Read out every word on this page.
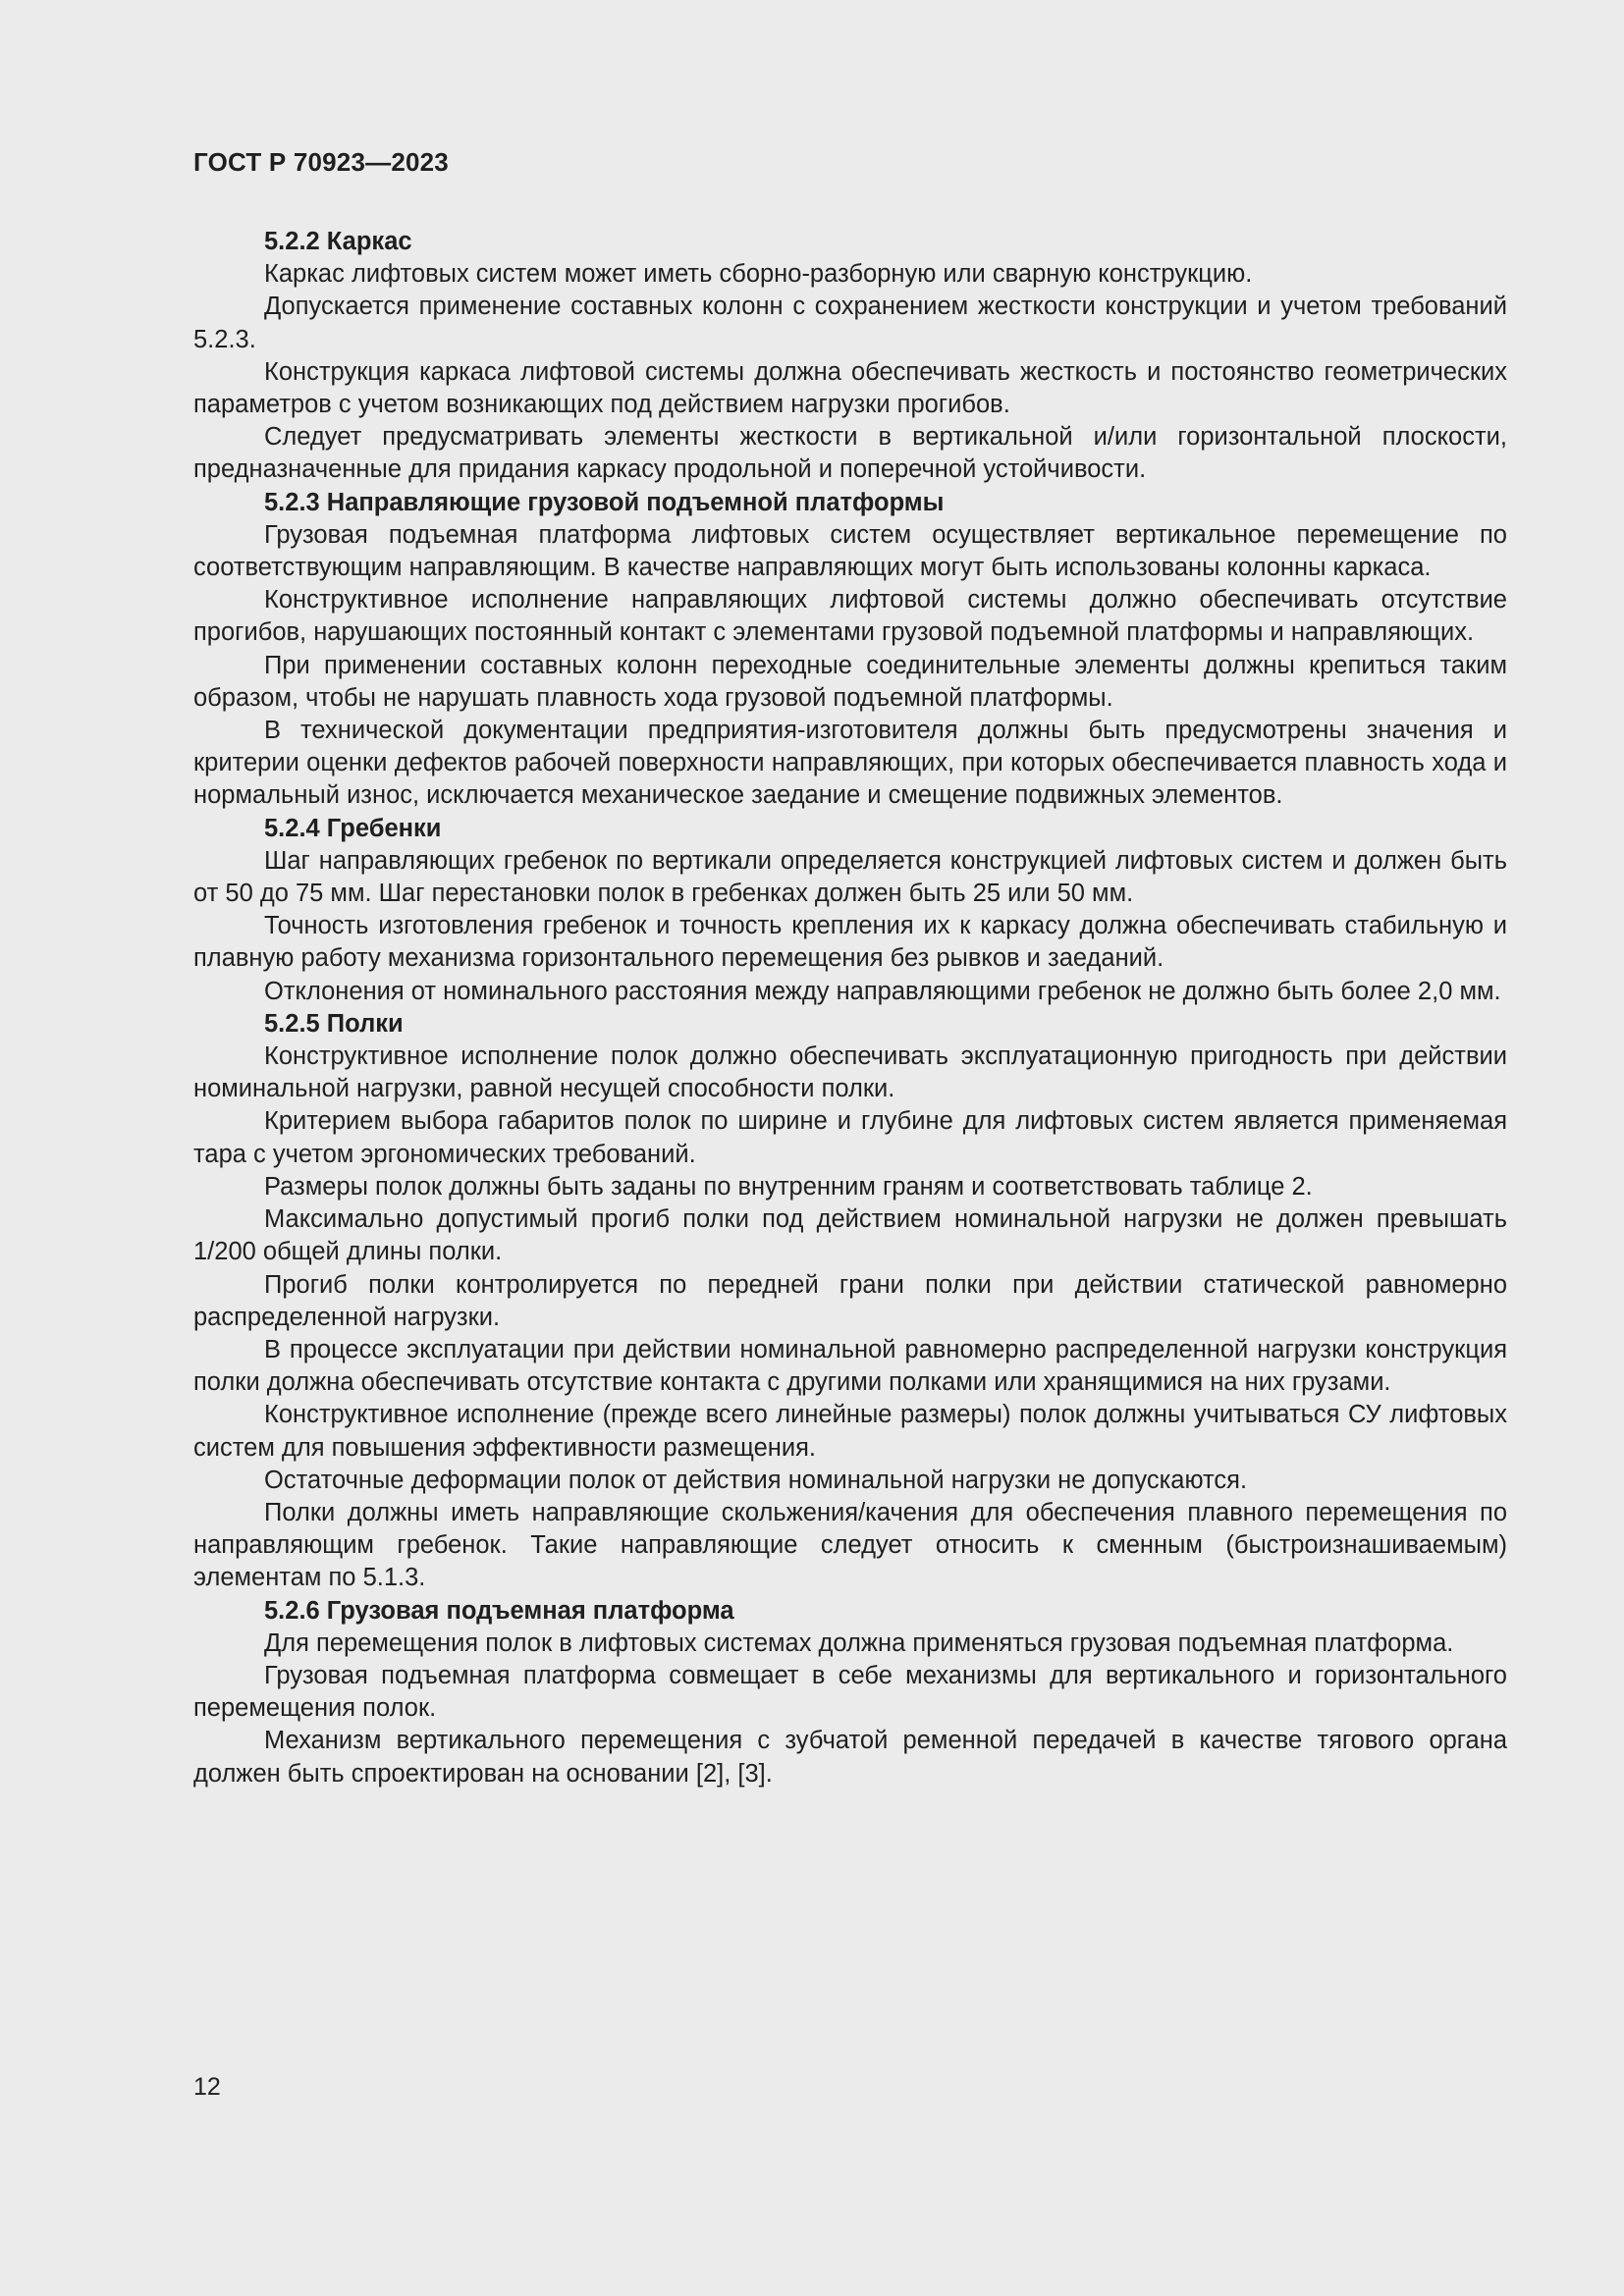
ГОСТ Р 70923—2023
5.2.2 Каркас

Каркас лифтовых систем может иметь сборно-разборную или сварную конструкцию.

Допускается применение составных колонн с сохранением жесткости конструкции и учетом требований 5.2.3.

Конструкция каркаса лифтовой системы должна обеспечивать жесткость и постоянство геометрических параметров с учетом возникающих под действием нагрузки прогибов.

Следует предусматривать элементы жесткости в вертикальной и/или горизонтальной плоскости, предназначенные для придания каркасу продольной и поперечной устойчивости.

5.2.3 Направляющие грузовой подъемной платформы

Грузовая подъемная платформа лифтовых систем осуществляет вертикальное перемещение по соответствующим направляющим. В качестве направляющих могут быть использованы колонны каркаса.

Конструктивное исполнение направляющих лифтовой системы должно обеспечивать отсутствие прогибов, нарушающих постоянный контакт с элементами грузовой подъемной платформы и направляющих.

При применении составных колонн переходные соединительные элементы должны крепиться таким образом, чтобы не нарушать плавность хода грузовой подъемной платформы.

В технической документации предприятия-изготовителя должны быть предусмотрены значения и критерии оценки дефектов рабочей поверхности направляющих, при которых обеспечивается плавность хода и нормальный износ, исключается механическое заедание и смещение подвижных элементов.

5.2.4 Гребенки

Шаг направляющих гребенок по вертикали определяется конструкцией лифтовых систем и должен быть от 50 до 75 мм. Шаг перестановки полок в гребенках должен быть 25 или 50 мм.

Точность изготовления гребенок и точность крепления их к каркасу должна обеспечивать стабильную и плавную работу механизма горизонтального перемещения без рывков и заеданий.

Отклонения от номинального расстояния между направляющими гребенок не должно быть более 2,0 мм.

5.2.5 Полки

Конструктивное исполнение полок должно обеспечивать эксплуатационную пригодность при действии номинальной нагрузки, равной несущей способности полки.

Критерием выбора габаритов полок по ширине и глубине для лифтовых систем является применяемая тара с учетом эргономических требований.

Размеры полок должны быть заданы по внутренним граням и соответствовать таблице 2.

Максимально допустимый прогиб полки под действием номинальной нагрузки не должен превышать 1/200 общей длины полки.

Прогиб полки контролируется по передней грани полки при действии статической равномерно распределенной нагрузки.

В процессе эксплуатации при действии номинальной равномерно распределенной нагрузки конструкция полки должна обеспечивать отсутствие контакта с другими полками или хранящимися на них грузами.

Конструктивное исполнение (прежде всего линейные размеры) полок должны учитываться СУ лифтовых систем для повышения эффективности размещения.

Остаточные деформации полок от действия номинальной нагрузки не допускаются.

Полки должны иметь направляющие скольжения/качения для обеспечения плавного перемещения по направляющим гребенок. Такие направляющие следует относить к сменным (быстроизнашиваемым) элементам по 5.1.3.

5.2.6 Грузовая подъемная платформа

Для перемещения полок в лифтовых системах должна применяться грузовая подъемная платформа.

Грузовая подъемная платформа совмещает в себе механизмы для вертикального и горизонтального перемещения полок.

Механизм вертикального перемещения с зубчатой ременной передачей в качестве тягового органа должен быть спроектирован на основании [2], [3].

12
